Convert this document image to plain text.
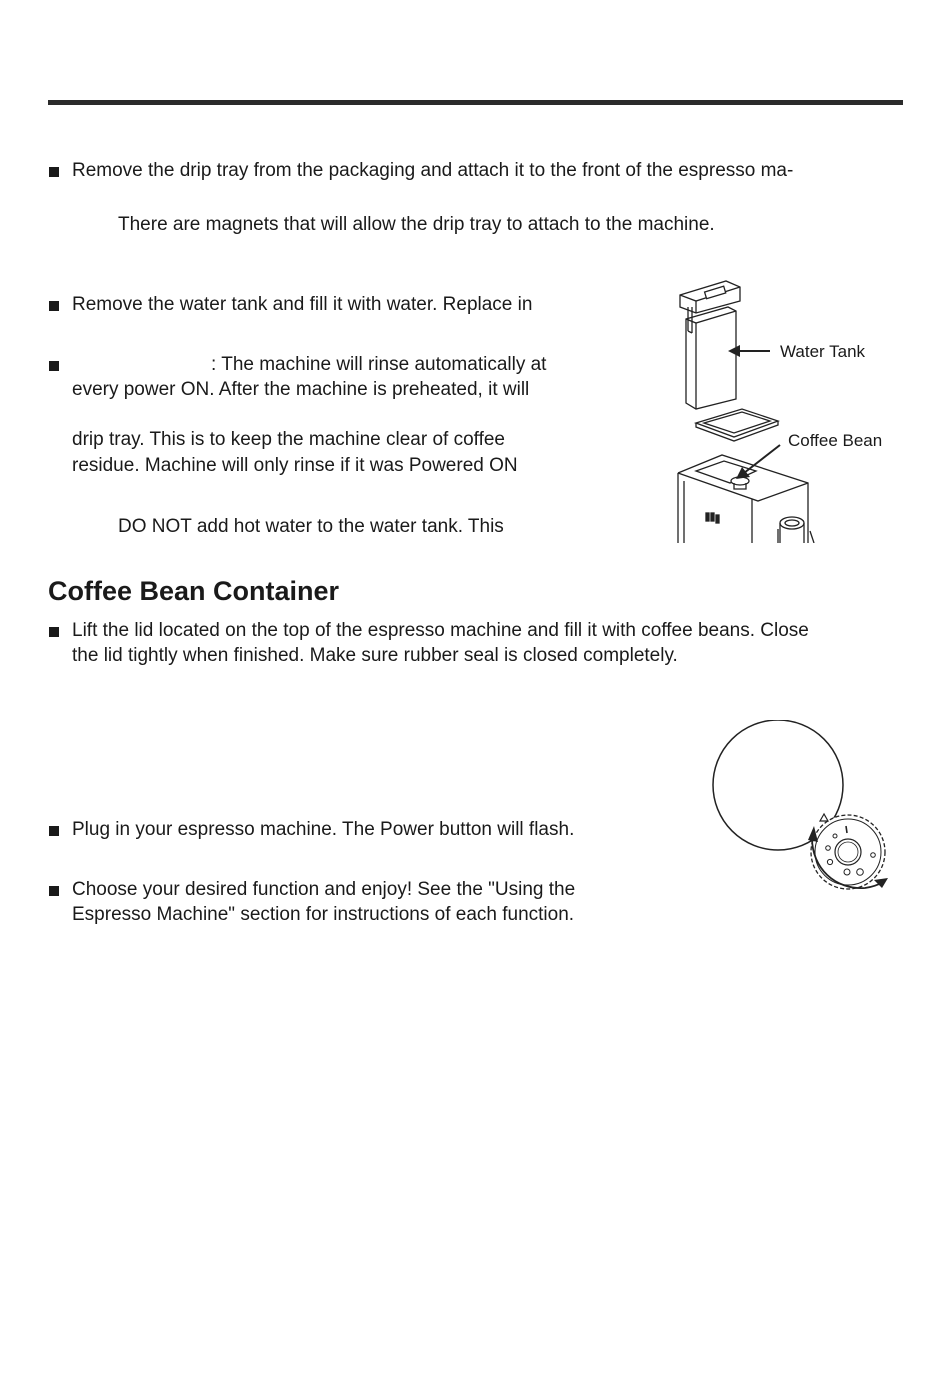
Remove the drip tray from the packaging and attach it to the front of the espresso ma-
There are magnets that will allow the drip tray to attach to the machine.
Remove the water tank and fill it with water. Replace in
: The machine will rinse automatically at
every power ON. After the machine is preheated, it will
drip tray. This is to keep the machine clear of coffee
residue. Machine will only rinse if it was Powered ON
DO NOT add hot water to the water tank. This
Water Tank
Coffee Bean
Coffee Bean Container
Lift the lid located on the top of the espresso machine and fill it with coffee beans. Close
the lid tightly when finished. Make sure rubber seal is closed completely.
Plug in your espresso machine. The Power button will flash.
Choose your desired function and enjoy! See the "Using the
Espresso Machine" section for instructions of each function.
